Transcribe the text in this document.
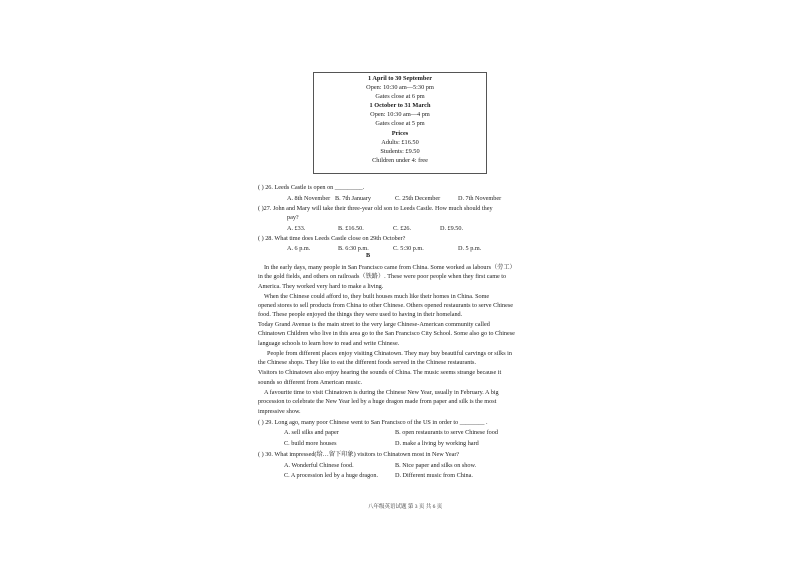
1 April to 30 September
Open: 10:30 am—5:30 pm
Gates close at 6 pm
1 October to 31 March
Open: 10:30 am—4 pm
Gates close at 5 pm
Prices
Adults: £16.50
Students: £9.50
Children under 4: free
( ) 26. Leeds Castle is open on _________.
A. 8th November B. 7th January	C. 25th December	D. 7th November
( )27. John and Mary will take their three-year old son to Leeds Castle. How much should they
pay?
A. £33.	B. £16.50.	C. £26.	D. £9.50.
( ) 28. What time does Leeds Castle close on 29th October?
A. 6 p.m.	B. 6:30 p.m.	C. 5:30 p.m.	D. 5 p.m.
B
In the early days, many people in San Francisco came from China. Some worked as labours（劳工）
in the gold fields, and others on railroads（铁路）. These were poor people when they first came to
America. They worked very hard to make a living.
When the Chinese could afford to, they built houses much like their homes in China. Some
opened stores to sell products from China to other Chinese. Others opened restaurants to serve Chinese
food. These people enjoyed the things they were used to having in their homeland.
Today Grand Avenue is the main street to the very large Chinese-American community called
Chinatown Children who live in this area go to the San Francisco City School. Some also go to Chinese
language schools to learn how to read and write Chinese.
People from different places enjoy visiting Chinatown. They may buy beautiful carvings or silks in
the Chinese shops. They like to eat the different foods served in the Chinese restaurants.
Visitors to Chinatown also enjoy hearing the sounds of China. The music seems strange because it
sounds so different from American music.
A favourite time to visit Chinatown is during the Chinese New Year, usually in February. A big
procession to celebrate the New Year led by a huge dragon made from paper and silk is the most
impressive show.
( ) 29. Long ago, many poor Chinese went to San Francisco of the US in order to ________ .
A. sell silks and paper	B. open restaurants to serve Chinese food
C. build more houses	D. make a living by working hard
( ) 30. What impressed(给…留下印象) visitors to Chinatown most in New Year?
A. Wonderful Chinese food.	B. Nice paper and silks on show.
C. A procession led by a huge dragon.	D. Different music from China.
八年级英语试题 第 3 页 共 6 页
